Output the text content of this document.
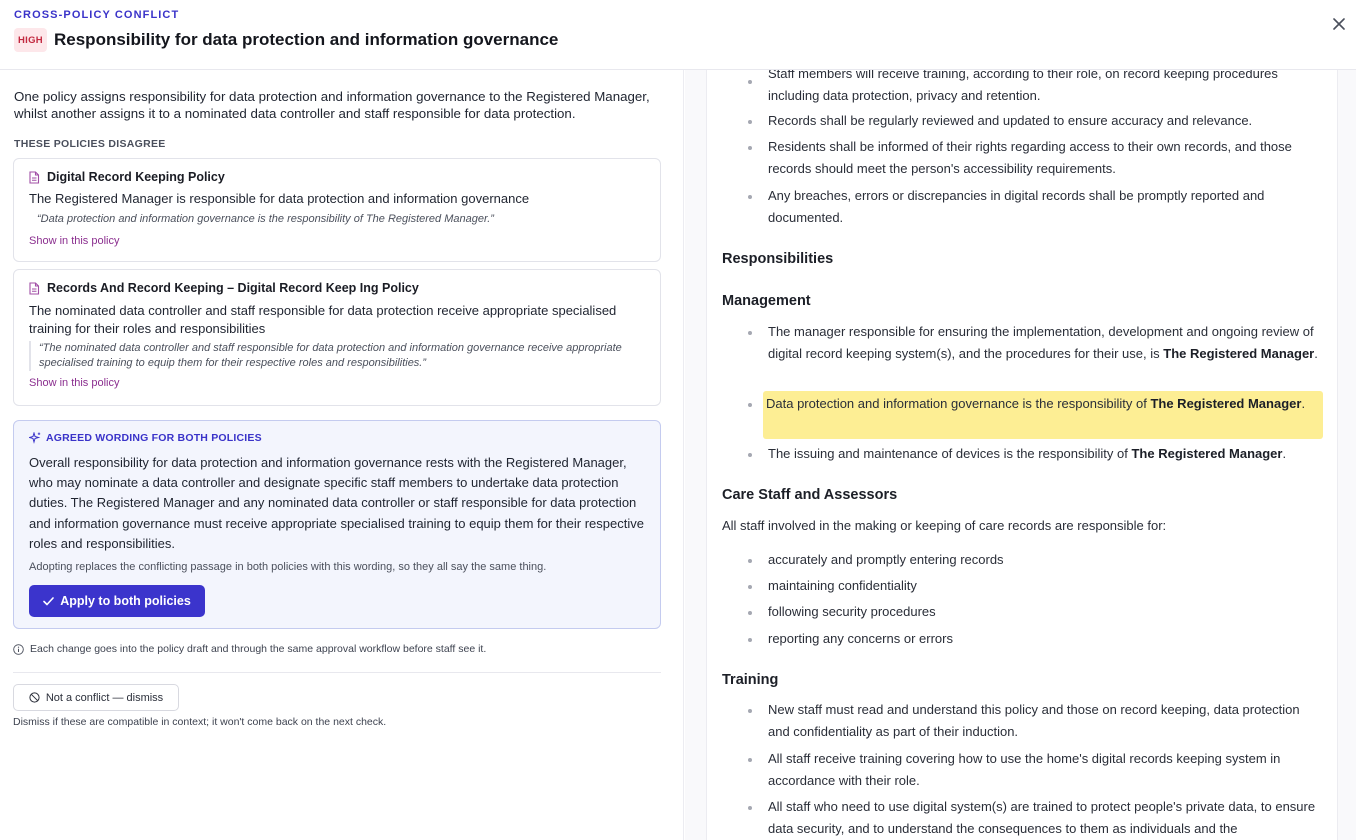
CROSS-POLICY CONFLICT
HIGH Responsibility for data protection and information governance
One policy assigns responsibility for data protection and information governance to the Registered Manager, whilst another assigns it to a nominated data controller and staff responsible for data protection.
THESE POLICIES DISAGREE
Digital Record Keeping Policy
The Registered Manager is responsible for data protection and information governance
“Data protection and information governance is the responsibility of The Registered Manager.”
Show in this policy
Records And Record Keeping – Digital Record Keep Ing Policy
The nominated data controller and staff responsible for data protection receive appropriate specialised training for their roles and responsibilities
“The nominated data controller and staff responsible for data protection and information governance receive appropriate specialised training to equip them for their respective roles and responsibilities.”
Show in this policy
AGREED WORDING FOR BOTH POLICIES
Overall responsibility for data protection and information governance rests with the Registered Manager, who may nominate a data controller and designate specific staff members to undertake data protection duties. The Registered Manager and any nominated data controller or staff responsible for data protection and information governance must receive appropriate specialised training to equip them for their respective roles and responsibilities.
Adopting replaces the conflicting passage in both policies with this wording, so they all say the same thing.
Apply to both policies
Each change goes into the policy draft and through the same approval workflow before staff see it.
Not a conflict — dismiss
Dismiss if these are compatible in context; it won't come back on the next check.
Staff members will receive training, according to their role, on record keeping procedures including data protection, privacy and retention.
Records shall be regularly reviewed and updated to ensure accuracy and relevance.
Residents shall be informed of their rights regarding access to their own records, and those records should meet the person's accessibility requirements.
Any breaches, errors or discrepancies in digital records shall be promptly reported and documented.
Responsibilities
Management
The manager responsible for ensuring the implementation, development and ongoing review of digital record keeping system(s), and the procedures for their use, is The Registered Manager.
Data protection and information governance is the responsibility of The Registered Manager.
The issuing and maintenance of devices is the responsibility of The Registered Manager.
Care Staff and Assessors
All staff involved in the making or keeping of care records are responsible for:
accurately and promptly entering records
maintaining confidentiality
following security procedures
reporting any concerns or errors
Training
New staff must read and understand this policy and those on record keeping, data protection and confidentiality as part of their induction.
All staff receive training covering how to use the home's digital records keeping system in accordance with their role.
All staff who need to use digital system(s) are trained to protect people's private data, to ensure data security, and to understand the consequences to them as individuals and the
